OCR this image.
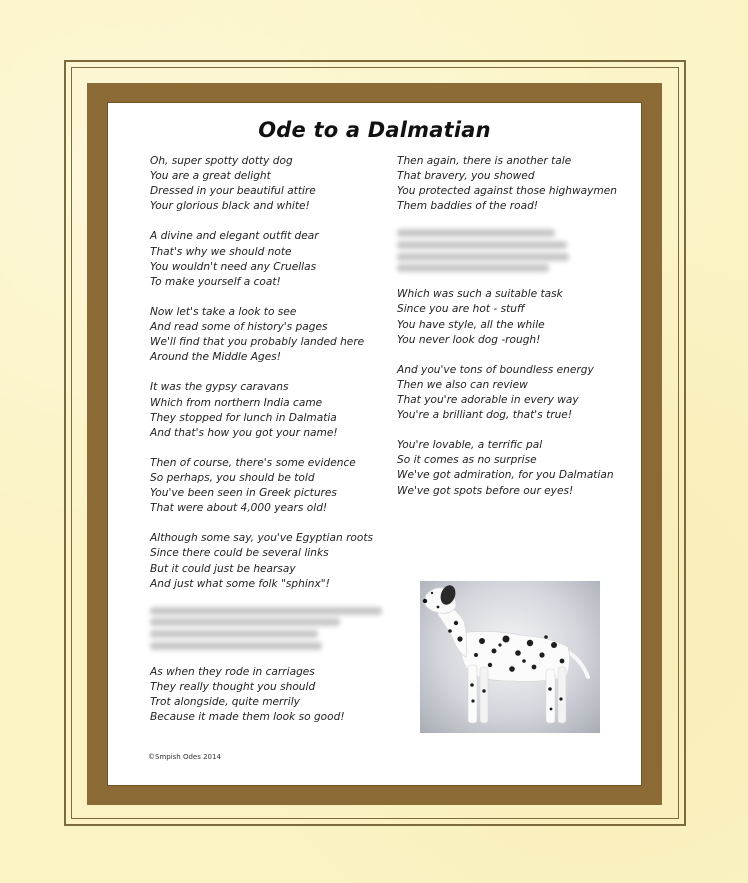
Ode to a Dalmatian
Oh, super spotty dotty dog
You are a great delight
Dressed in your beautiful attire
Your glorious black and white!
A divine and elegant outfit dear
That's why we should note
You wouldn't need any Cruellas
To make yourself a coat!
Now let's take a look to see
And read some of history's pages
We'll find that you probably landed here
Around the Middle Ages!
It was the gypsy caravans
Which from northern India came
They stopped for lunch in Dalmatia
And that's how you got your name!
Then of course, there's some evidence
So perhaps, you should be told
You've been seen in Greek pictures
That were about 4,000 years old!
Although some say, you've Egyptian roots
Since there could be several links
But it could just be hearsay
And just what some folk "sphinx"!
As when they rode in carriages
They really thought you should
Trot alongside, quite merrily
Because it made them look so good!
Then again, there is another tale
That bravery, you showed
You protected against those highwaymen
Them baddies of the road!
Which was such a suitable task
Since you are hot - stuff
You have style, all the while
You never look dog -rough!
And you've tons of boundless energy
Then we also can review
That you're adorable in every way
You're a brilliant dog, that's true!
You're lovable, a terrific pal
So it comes as no surprise
We've got admiration, for you Dalmatian
We've got spots before our eyes!
©Smpish Odes 2014
